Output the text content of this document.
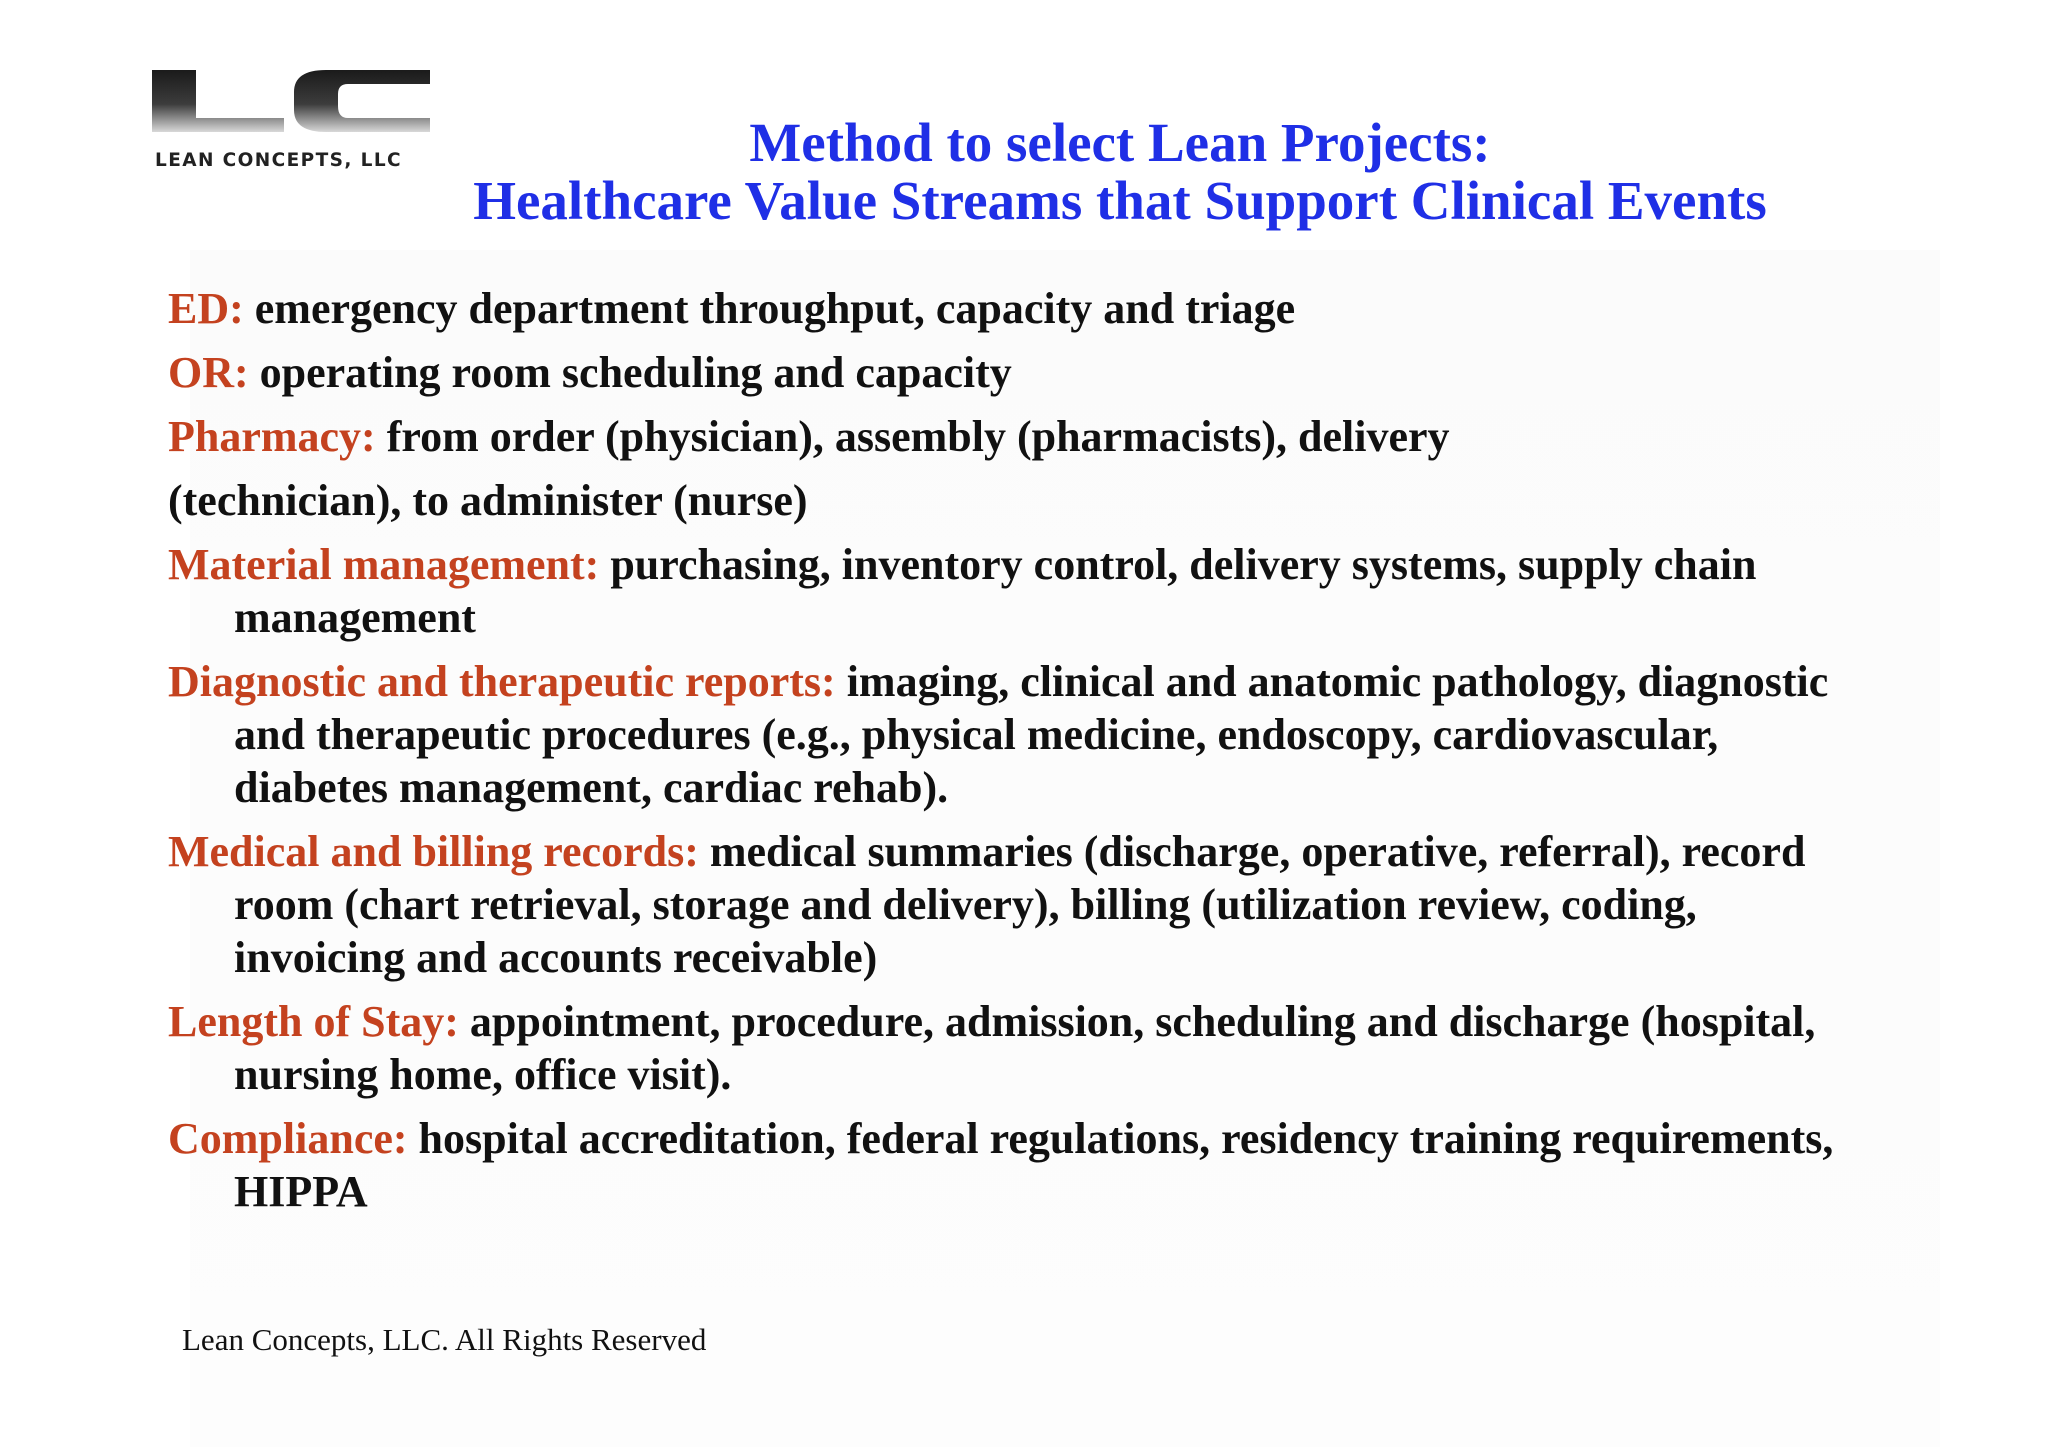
LEAN CONCEPTS, LLC	Method to select Lean Projects:
Healthcare Value Streams that Support Clinical Events
ED: emergency department throughput, capacity and triage
OR: operating room scheduling and capacity
Pharmacy: from order (physician), assembly (pharmacists), delivery
(technician), to administer (nurse)
Material management: purchasing, inventory control, delivery systems, supply chain management
Diagnostic and therapeutic reports: imaging, clinical and anatomic pathology, diagnostic and therapeutic procedures (e.g., physical medicine, endoscopy, cardiovascular, diabetes management, cardiac rehab).
Medical and billing records: medical summaries (discharge, operative, referral), record room (chart retrieval, storage and delivery), billing (utilization review, coding, invoicing and accounts receivable)
Length of Stay: appointment, procedure, admission, scheduling and discharge (hospital, nursing home, office visit).
Compliance: hospital accreditation, federal regulations, residency training requirements, HIPPA
Lean Concepts, LLC. All Rights Reserved
